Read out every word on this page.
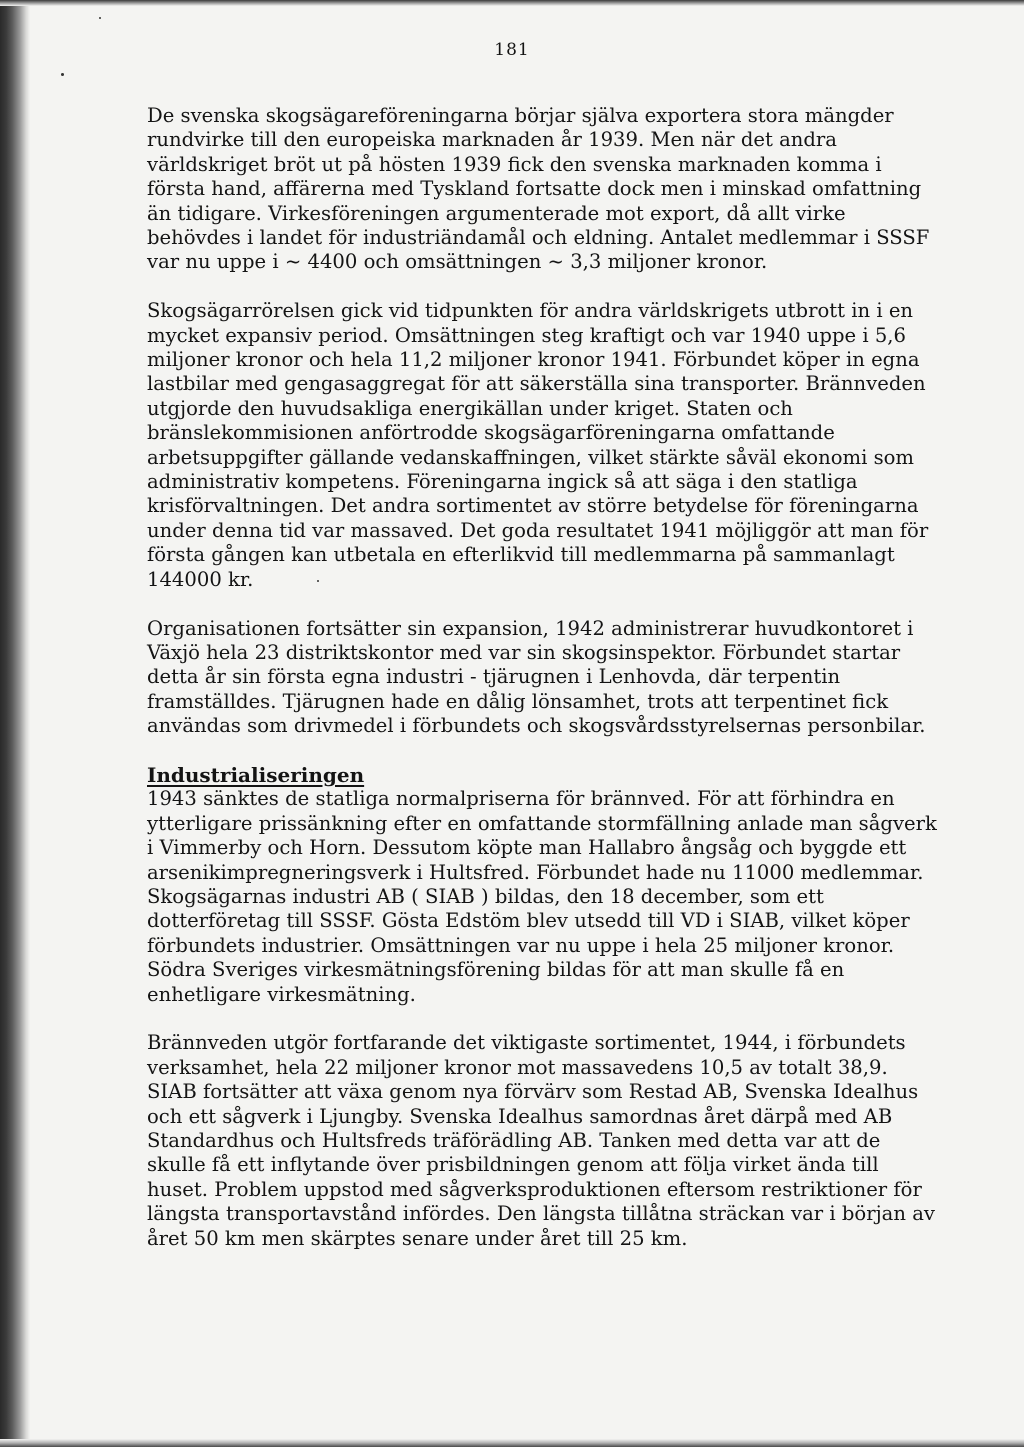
181

De svenska skogsägareföreningarna börjar själva exportera stora mängder rundvirke till den europeiska marknaden år 1939. Men när det andra världskriget bröt ut på hösten 1939 fick den svenska marknaden komma i första hand, affärerna med Tyskland fortsatte dock men i minskad omfattning än tidigare. Virkesföreningen argumenterade mot export, då allt virke behövdes i landet för industriändamål och eldning. Antalet medlemmar i SSSF var nu uppe i ~ 4400 och omsättningen ~ 3,3 miljoner kronor.

Skogsägarrörelsen gick vid tidpunkten för andra världskrigets utbrott in i en mycket expansiv period. Omsättningen steg kraftigt och var 1940 uppe i 5,6 miljoner kronor och hela 11,2 miljoner kronor 1941. Förbundet köper in egna lastbilar med gengasaggregat för att säkerställa sina transporter. Brännveden utgjorde den huvudsakliga energikällan under kriget. Staten och bränslekommisionen anförtrodde skogsägarföreningarna omfattande arbetsuppgifter gällande vedanskaffningen, vilket stärkte såväl ekonomi som administrativ kompetens. Föreningarna ingick så att säga i den statliga krisförvaltningen. Det andra sortimentet av större betydelse för föreningarna under denna tid var massaved. Det goda resultatet 1941 möjliggör att man för första gången kan utbetala en efterlikvid till medlemmarna på sammanlagt 144000 kr.

Organisationen fortsätter sin expansion, 1942 administrerar huvudkontoret i Växjö hela 23 distriktskontor med var sin skogsinspektor. Förbundet startar detta år sin första egna industri - tjärugnen i Lenhovda, där terpentin framställdes. Tjärugnen hade en dålig lönsamhet, trots att terpentinet fick användas som drivmedel i förbundets och skogsvårdsstyrelsernas personbilar.

Industrialiseringen

1943 sänktes de statliga normalpriserna för brännved. För att förhindra en ytterligare prissänkning efter en omfattande stormfällning anlade man sågverk i Vimmerby och Horn. Dessutom köpte man Hallabro ångsåg och byggde ett arsenikimpregneringsverk i Hultsfred. Förbundet hade nu 11000 medlemmar. Skogsägarnas industri AB ( SIAB ) bildas, den 18 december, som ett dotterföretag till SSSF. Gösta Edstöm blev utsedd till VD i SIAB, vilket köper förbundets industrier. Omsättningen var nu uppe i hela 25 miljoner kronor. Södra Sveriges virkesmätningsförening bildas för att man skulle få en enhetligare virkesmätning.

Brännveden utgör fortfarande det viktigaste sortimentet, 1944, i förbundets verksamhet, hela 22 miljoner kronor mot massavedens 10,5 av totalt 38,9. SIAB fortsätter att växa genom nya förvärv som Restad AB, Svenska Idealhus och ett sågverk i Ljungby. Svenska Idealhus samordnas året därpå med AB Standardhus och Hultsfreds träförädling AB. Tanken med detta var att de skulle få ett inflytande över prisbildningen genom att följa virket ända till huset. Problem uppstod med sågverksproduktionen eftersom restriktioner för längsta transportavstånd infördes. Den längsta tillåtna sträckan var i början av året 50 km men skärptes senare under året till 25 km.
